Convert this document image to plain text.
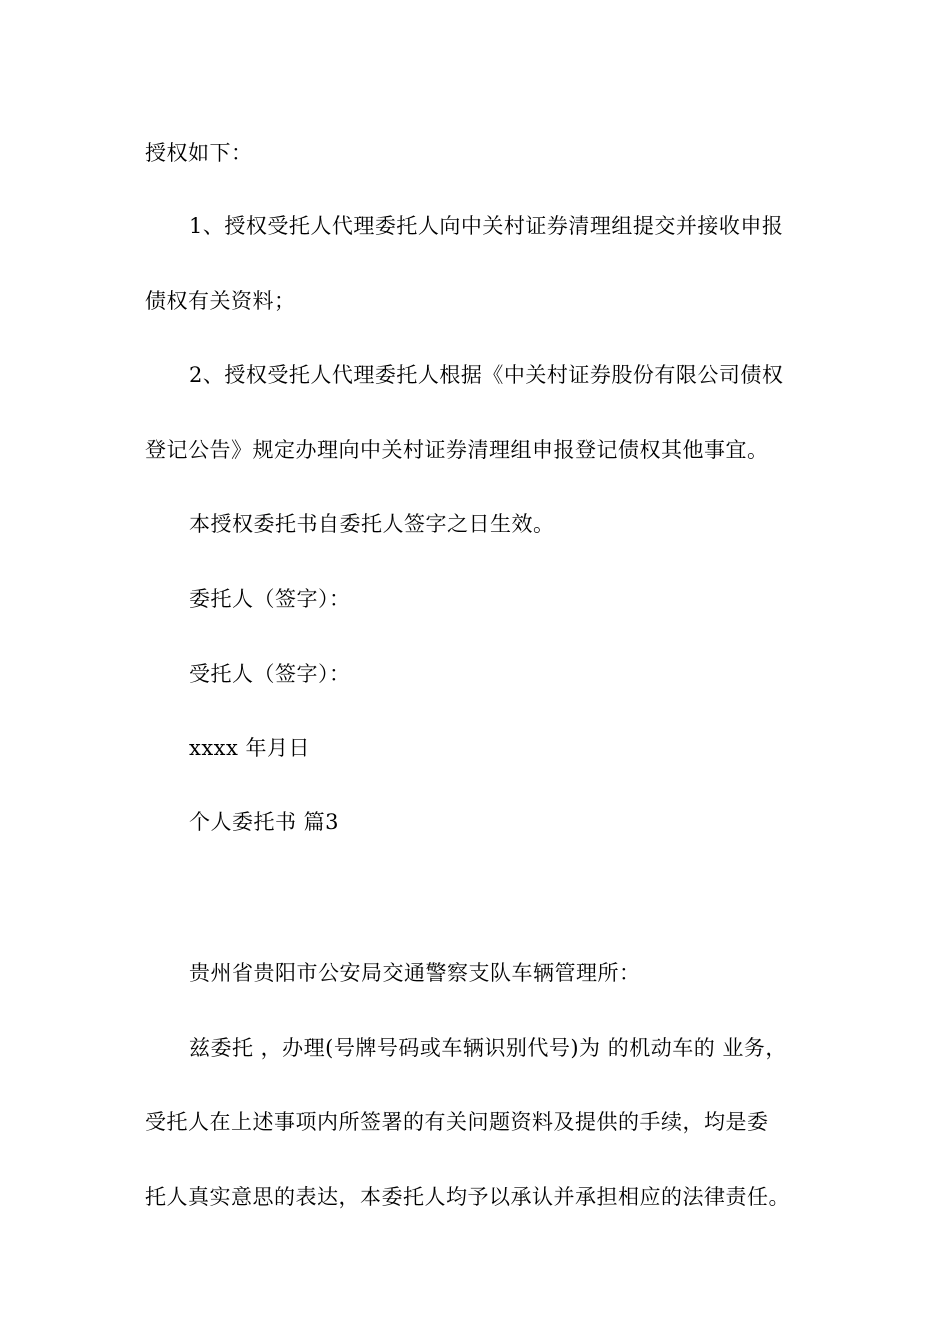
授权如下：
1、授权受托人代理委托人向中关村证券清理组提交并接收申报
债权有关资料；
2、授权受托人代理委托人根据《中关村证券股份有限公司债权
登记公告》规定办理向中关村证券清理组申报登记债权其他事宜。
本授权委托书自委托人签字之日生效。
委托人（签字）：
受托人（签字）：
xxxx 年月日
个人委托书 篇3
贵州省贵阳市公安局交通警察支队车辆管理所：
兹委托 ，办理(号牌号码或车辆识别代号)为 的机动车的 业务，
受托人在上述事项内所签署的有关问题资料及提供的手续，均是委
托人真实意思的表达，本委托人均予以承认并承担相应的法律责任。
